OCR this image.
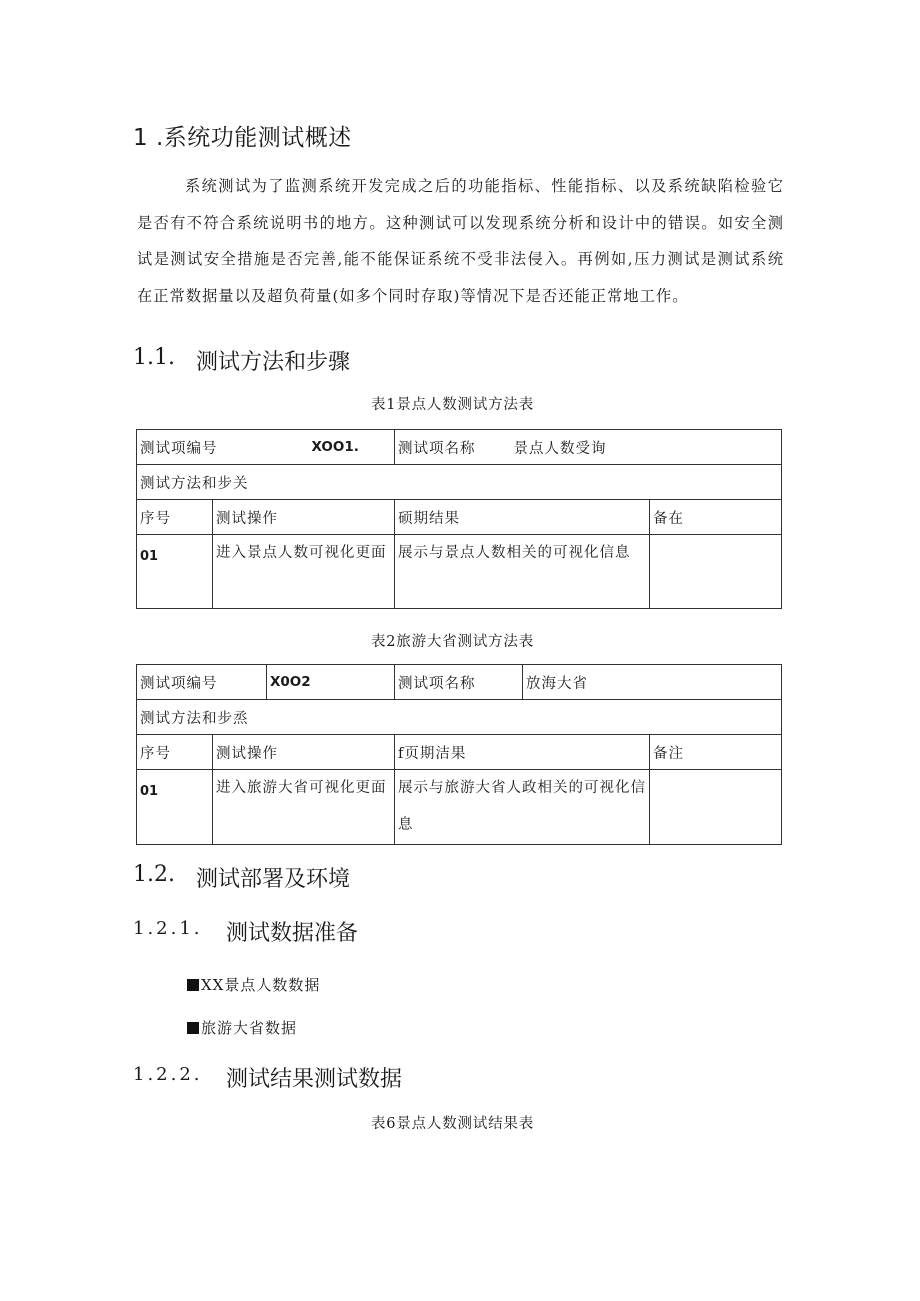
1 .系统功能测试概述
系统测试为了监测系统开发完成之后的功能指标、性能指标、以及系统缺陷检验它是否有不符合系统说明书的地方。这种测试可以发现系统分析和设计中的错误。如安全测试是测试安全措施是否完善,能不能保证系统不受非法侵入。再例如,压力测试是测试系统在正常数据量以及超负荷量(如多个同时存取)等情况下是否还能正常地工作。
1.1. 测试方法和步骤
表1景点人数测试方法表
测试项编号		XOO1.	测试项名称 景点人数受询	
测试方法和步关				
序号	测试操作		硕期结果	备在
01	进入景点人数可视化更面		展示与景点人数相关的可视化信息	
表2旅游大省测试方法表
测试项编号		X0O2	测试项名称	放海大省	
测试方法和步烝					
序号	测试操作		f页期洁果		备注
01	进入旅游大省可视化更面		展示与旅游大省人政相关的可视化信息		
1.2. 测试部署及环境
1.2.1. 测试数据准备
XX景点人数数据
旅游大省数据
1.2.2. 测试结果测试数据
表6景点人数测试结果表
